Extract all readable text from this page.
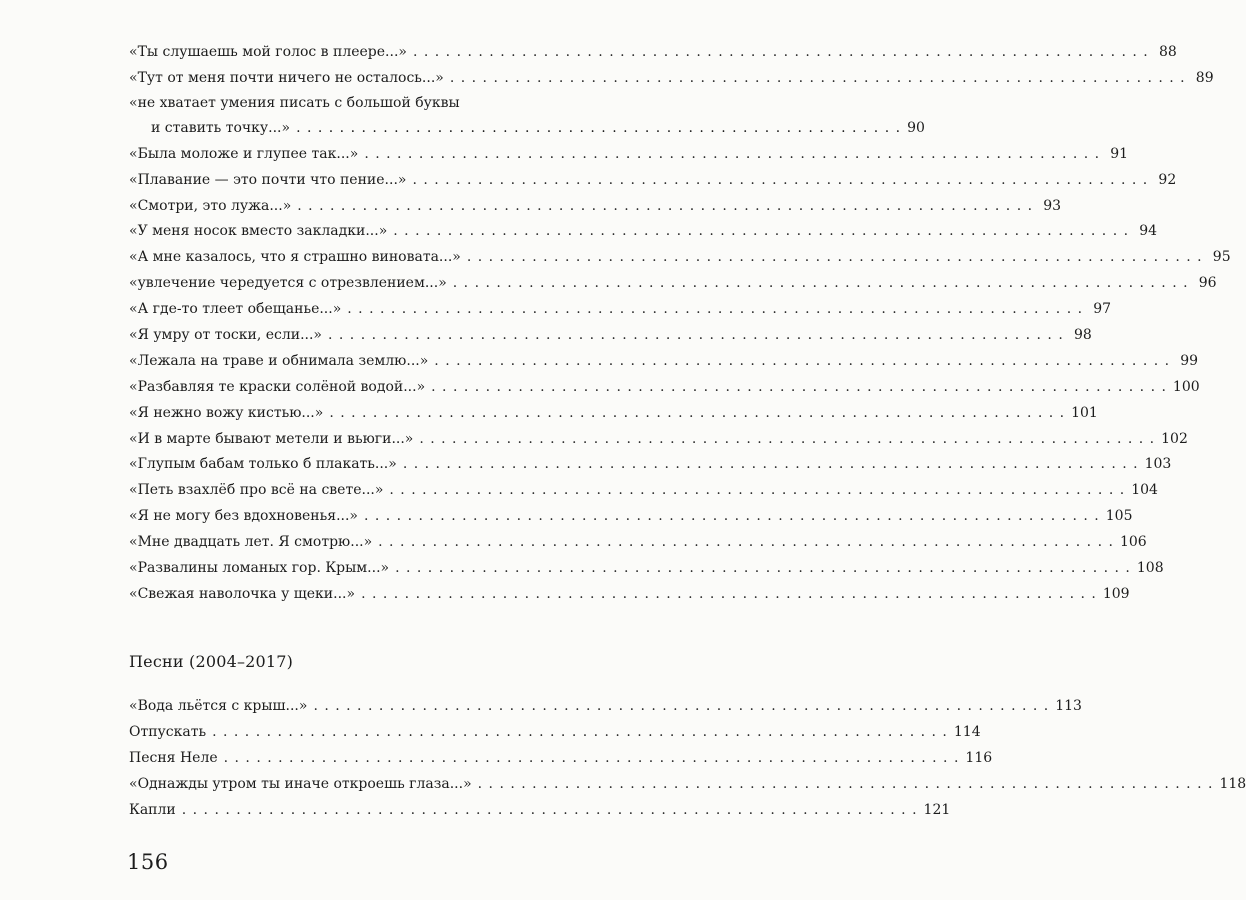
«Ты слушаешь мой голос в плеере...» . . .	88
«Тут от меня почти ничего не осталось...» . . .	89
«не хватает умения писать с большой буквы
и ставить точку...» . . .	90
«Была моложе и глупее так...» . . .	91
«Плавание — это почти что пение...» . . .	92
«Смотри, это лужа...» . . .	93
«У меня носок вместо закладки...» . . .	94
«А мне казалось, что я страшно виновата...» . . .	95
«увлечение чередуется с отрезвлением...» . . .	96
«А где-то тлеет обещанье...» . . .	97
«Я умру от тоски, если...» . . .	98
«Лежала на траве и обнимала землю...» . . .	99
«Разбавляя те краски солёной водой...» . . .	100
«Я нежно вожу кистью...» . . .	101
«И в марте бывают метели и вьюги...» . . .	102
«Глупым бабам только б плакать...» . . .	103
«Петь взахлёб про всё на свете...» . . .	104
«Я не могу без вдохновенья...» . . .	105
«Мне двадцать лет. Я смотрю...» . . .	106
«Развалины ломаных гор. Крым...» . . .	108
«Свежая наволочка у щеки...» . . .	109
Песни (2004–2017)
«Вода льётся с крыш...» . . .	113
Отпускать . . .	114
Песня Неле . . .	116
«Однажды утром ты иначе откроешь глаза...» . . .	118
Капли . . .	121
156
